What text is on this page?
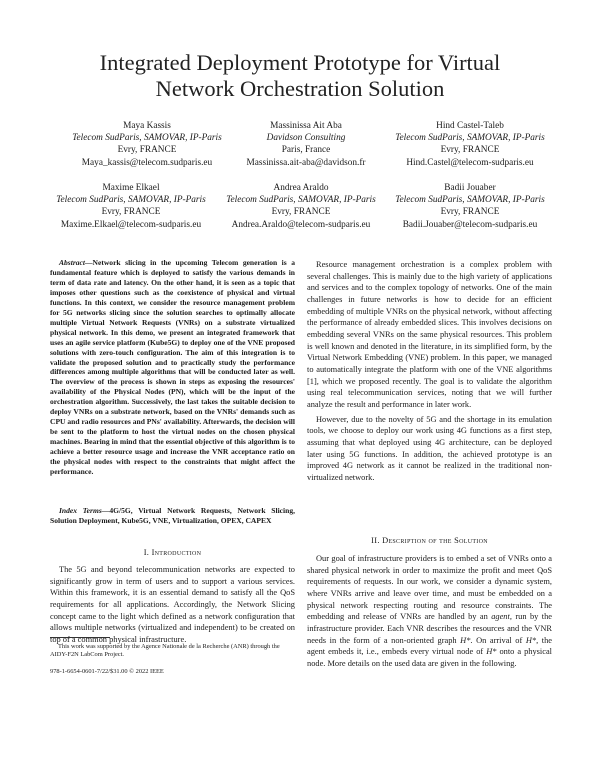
Integrated Deployment Prototype for Virtual
Network Orchestration Solution
Maya Kassis
Telecom SudParis, SAMOVAR, IP-Paris
Evry, FRANCE
Maya_kassis@telecom.sudparis.eu
Massinissa Ait Aba
Davidson Consulting
Paris, France
Massinissa.ait-aba@davidson.fr
Hind Castel-Taleb
Telecom SudParis, SAMOVAR, IP-Paris
Evry, FRANCE
Hind.Castel@telecom-sudparis.eu
Maxime Elkael
Telecom SudParis, SAMOVAR, IP-Paris
Evry, FRANCE
Maxime.Elkael@telecom-sudparis.eu
Andrea Araldo
Telecom SudParis, SAMOVAR, IP-Paris
Evry, FRANCE
Andrea.Araldo@telecom-sudparis.eu
Badii Jouaber
Telecom SudParis, SAMOVAR, IP-Paris
Evry, FRANCE
Badii.Jouaber@telecom-sudparis.eu

Abstract—Network slicing in the upcoming Telecom generation is a fundamental feature which is deployed to satisfy the various demands in term of data rate and latency. On the other hand, it is seen as a topic that imposes other questions such as the coexistence of physical and virtual functions. In this context, we consider the resource management problem for 5G networks slicing since the solution searches to optimally allocate multiple Virtual Network Requests (VNRs) on a substrate virtualized physical network. In this demo, we present an integrated framework that uses an agile service platform (Kube5G) to deploy one of the VNE proposed solutions with zero-touch configuration. The aim of this integration is to validate the proposed solution and to practically study the performance differences among multiple algorithms that will be conducted later as well. The overview of the process is shown in steps as exposing the resources' availability of the Physical Nodes (PN), which will be the input of the orchestration algorithm. Successively, the last takes the suitable decision to deploy VNRs on a substrate network, based on the VNRs' demands such as CPU and radio resources and PNs' availability. Afterwards, the decision will be sent to the platform to host the virtual nodes on the chosen physical machines. Bearing in mind that the essential objective of this algorithm is to achieve a better resource usage and increase the VNR acceptance ratio on the physical nodes with respect to the constraints that might affect the performance.

Index Terms—4G/5G, Virtual Network Requests, Network Slicing, Solution Deployment, Kube5G, VNE, Virtualization, OPEX, CAPEX

I. Introduction

The 5G and beyond telecommunication networks are expected to significantly grow in term of users and to support a various services. Within this framework, it is an essential demand to satisfy all the QoS requirements for all applications. Accordingly, the Network Slicing concept came to the light which defined as a network configuration that allows multiple networks (virtualized and independent) to be created on top of a common physical infrastructure.

This work was supported by the Agence Nationale de la Recherche (ANR) through the AIDY-F2N LabCom Project.

978-1-6654-0601-7/22/$31.00 © 2022 IEEE

Resource management orchestration is a complex problem with several challenges. This is mainly due to the high variety of applications and services and to the complex topology of networks. One of the main challenges in future networks is how to decide for an efficient embedding of multiple VNRs on the physical network, without affecting the performance of already embedded slices. This involves decisions on embedding several VNRs on the same physical resources. This problem is well known and denoted in the literature, in its simplified form, by the Virtual Network Embedding (VNE) problem. In this paper, we managed to automatically integrate the platform with one of the VNE algorithms [1], which we proposed recently. The goal is to validate the algorithm using real telecommunication services, noting that we will further analyze the result and performance in later work.

However, due to the novelty of 5G and the shortage in its emulation tools, we choose to deploy our work using 4G functions as a first step, assuming that what deployed using 4G architecture, can be deployed later using 5G functions. In addition, the achieved prototype is an improved 4G network as it cannot be realized in the traditional non-virtualized network.

II. Description of the Solution

Our goal of infrastructure providers is to embed a set of VNRs onto a shared physical network in order to maximize the profit and meet QoS requirements of requests. In our work, we consider a dynamic system, where VNRs arrive and leave over time, and must be embedded on a physical network respecting routing and resource constraints. The embedding and release of VNRs are handled by an agent, run by the infrastructure provider. Each VNR describes the resources and the VNR needs in the form of a non-oriented graph H*. On arrival of H*, the agent embeds it, i.e., embeds every virtual node of H* onto a physical node. More details on the used data are given in the following.
